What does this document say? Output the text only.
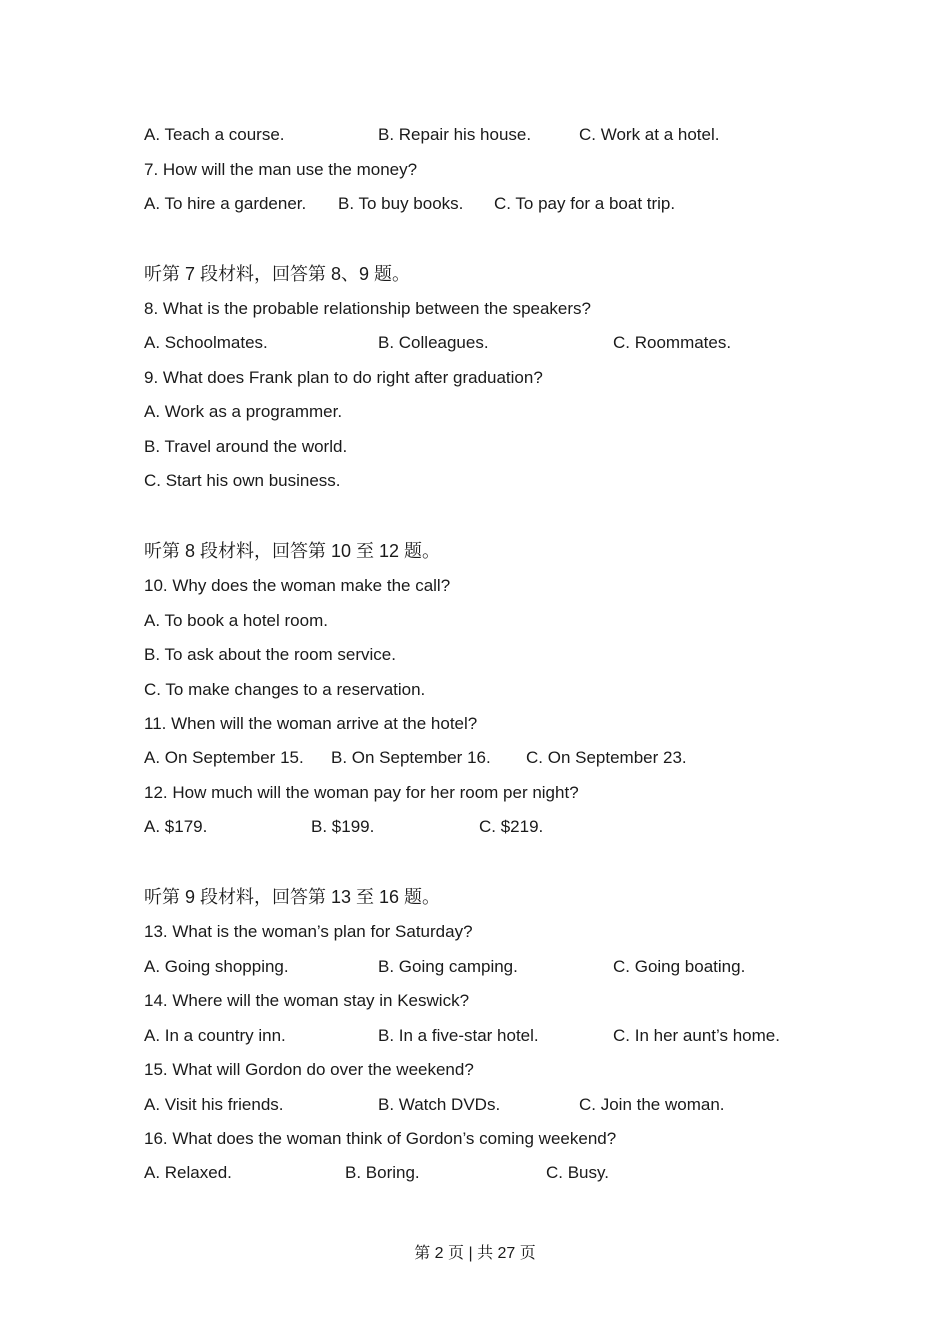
A. Teach a course.	B. Repair his house.	C. Work at a hotel.
7. How will the man use the money?
A. To hire a gardener. B. To buy books. C. To pay for a boat trip.
听第 7 段材料，回答第 8、9 题。
8. What is the probable relationship between the speakers?
A. Schoolmates.	B. Colleagues.	C. Roommates.
9. What does Frank plan to do right after graduation?
A. Work as a programmer.
B. Travel around the world.
C. Start his own business.
听第 8 段材料，回答第 10 至 12 题。
10. Why does the woman make the call?
A. To book a hotel room.
B. To ask about the room service.
C. To make changes to a reservation.
11. When will the woman arrive at the hotel?
A. On September 15. B. On September 16. C. On September 23.
12. How much will the woman pay for her room per night?
A. $179.	B. $199.	C. $219.
听第 9 段材料，回答第 13 至 16 题。
13. What is the woman’s plan for Saturday?
A. Going shopping.	B. Going camping.	C. Going boating.
14. Where will the woman stay in Keswick?
A. In a country inn.	B. In a five-star hotel.	C. In her aunt’s home.
15. What will Gordon do over the weekend?
A. Visit his friends.	B. Watch DVDs.	C. Join the woman.
16. What does the woman think of Gordon’s coming weekend?
A. Relaxed.	B. Boring.	C. Busy.
第 2 页 | 共 27 页
